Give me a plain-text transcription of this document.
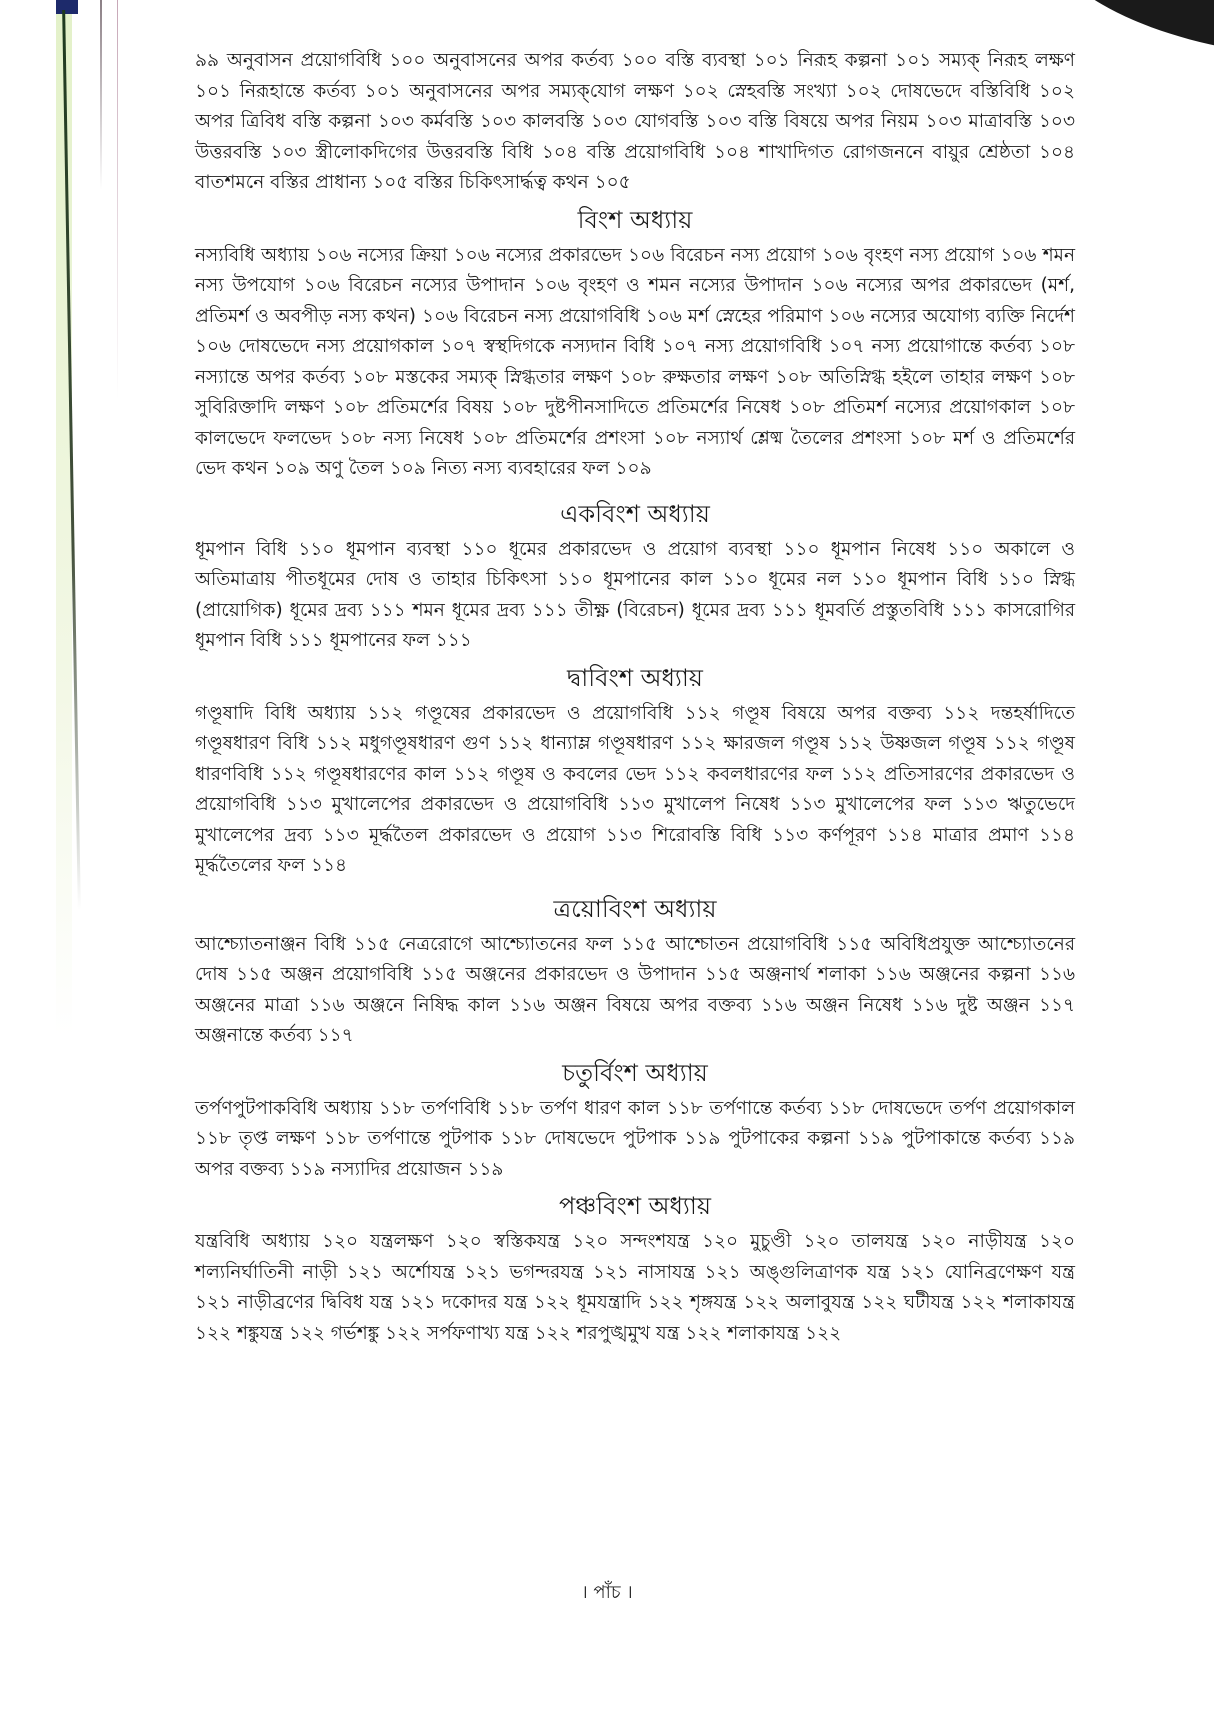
৯৯ অনুবাসন প্রয়োগবিধি ১০০ অনুবাসনের অপর কর্তব্য ১০০ বস্তি ব্যবস্থা ১০১ নিরূহ কল্পনা ১০১ সম্যক্ নিরূহ লক্ষণ ১০১ নিরূহান্তে কর্তব্য ১০১ অনুবাসনের অপর সম্যক্‌যোগ লক্ষণ ১০২ স্নেহবস্তি সংখ্যা ১০২ দোষভেদে বস্তিবিধি ১০২ অপর ত্রিবিধ বস্তি কল্পনা ১০৩ কর্মবস্তি ১০৩ কালবস্তি ১০৩ যোগবস্তি ১০৩ বস্তি বিষয়ে অপর নিয়ম ১০৩ মাত্রাবস্তি ১০৩ উত্তরবস্তি ১০৩ স্ত্রীলোকদিগের উত্তরবস্তি বিধি ১০৪ বস্তি প্রয়োগবিধি ১০৪ শাখাদিগত রোগজননে বায়ুর শ্রেষ্ঠতা ১০৪ বাতশমনে বস্তির প্রাধান্য ১০৫ বস্তির চিকিৎসার্দ্ধত্ব কথন ১০৫

বিংশ অধ্যায়

নস্যবিধি অধ্যায় ১০৬ নস্যের ক্রিয়া ১০৬ নস্যের প্রকারভেদ ১০৬ বিরেচন নস্য প্রয়োগ ১০৬ বৃংহণ নস্য প্রয়োগ ১০৬ শমন নস্য উপযোগ ১০৬ বিরেচন নস্যের উপাদান ১০৬ বৃংহণ ও শমন নস্যের উপাদান ১০৬ নস্যের অপর প্রকারভেদ (মর্শ, প্রতিমর্শ ও অবপীড় নস্য কথন) ১০৬ বিরেচন নস্য প্রয়োগবিধি ১০৬ মর্শ স্নেহের পরিমাণ ১০৬ নস্যের অযোগ্য ব্যক্তি নির্দেশ ১০৬ দোষভেদে নস্য প্রয়োগকাল ১০৭ স্বস্থদিগকে নস্যদান বিধি ১০৭ নস্য প্রয়োগবিধি ১০৭ নস্য প্রয়োগান্তে কর্তব্য ১০৮ নস্যান্তে অপর কর্তব্য ১০৮ মস্তকের সম্যক্ স্নিগ্ধতার লক্ষণ ১০৮ রুক্ষতার লক্ষণ ১০৮ অতিস্নিগ্ধ হইলে তাহার লক্ষণ ১০৮ সুবিরিক্তাদি লক্ষণ ১০৮ প্রতিমর্শের বিষয় ১০৮ দুষ্টপীনসাদিতে প্রতিমর্শের নিষেধ ১০৮ প্রতিমর্শ নস্যের প্রয়োগকাল ১০৮ কালভেদে ফলভেদ ১০৮ নস্য নিষেধ ১০৮ প্রতিমর্শের প্রশংসা ১০৮ নস্যার্থ শ্লেষ্ম তৈলের প্রশংসা ১০৮ মর্শ ও প্রতিমর্শের ভেদ কথন ১০৯ অণু তৈল ১০৯ নিত্য নস্য ব্যবহারের ফল ১০৯

একবিংশ অধ্যায়

ধূমপান বিধি ১১০ ধূমপান ব্যবস্থা ১১০ ধূমের প্রকারভেদ ও প্রয়োগ ব্যবস্থা ১১০ ধূমপান নিষেধ ১১০ অকালে ও অতিমাত্রায় পীতধূমের দোষ ও তাহার চিকিৎসা ১১০ ধূমপানের কাল ১১০ ধূমের নল ১১০ ধূমপান বিধি ১১০ স্নিগ্ধ (প্রায়োগিক) ধূমের দ্রব্য ১১১ শমন ধূমের দ্রব্য ১১১ তীক্ষ্ণ (বিরেচন) ধূমের দ্রব্য ১১১ ধূমবর্তি প্রস্তুতবিধি ১১১ কাসরোগির ধূমপান বিধি ১১১ ধূমপানের ফল ১১১

দ্বাবিংশ অধ্যায়

গণ্ডূষাদি বিধি অধ্যায় ১১২ গণ্ডূষের প্রকারভেদ ও প্রয়োগবিধি ১১২ গণ্ডূষ বিষয়ে অপর বক্তব্য ১১২ দন্তহর্ষাদিতে গণ্ডূষধারণ বিধি ১১২ মধুগণ্ডূষধারণ গুণ ১১২ ধান্যাম্ল গণ্ডূষধারণ ১১২ ক্ষারজল গণ্ডূষ ১১২ উষ্ণজল গণ্ডূষ ১১২ গণ্ডূষ ধারণবিধি ১১২ গণ্ডূষধারণের কাল ১১২ গণ্ডূষ ও কবলের ভেদ ১১২ কবলধারণের ফল ১১২ প্রতিসারণের প্রকারভেদ ও প্রয়োগবিধি ১১৩ মুখালেপের প্রকারভেদ ও প্রয়োগবিধি ১১৩ মুখালেপ নিষেধ ১১৩ মুখালেপের ফল ১১৩ ঋতুভেদে মুখালেপের দ্রব্য ১১৩ মূর্দ্ধতৈল প্রকারভেদ ও প্রয়োগ ১১৩ শিরোবস্তি বিধি ১১৩ কর্ণপূরণ ১১৪ মাত্রার প্রমাণ ১১৪ মূর্দ্ধতৈলের ফল ১১৪

ত্রয়োবিংশ অধ্যায়

আশ্চ্যোতনাঞ্জন বিধি ১১৫ নেত্ররোগে আশ্চ্যোতনের ফল ১১৫ আশ্চোতন প্রয়োগবিধি ১১৫ অবিধিপ্রযুক্ত আশ্চ্যোতনের দোষ ১১৫ অঞ্জন প্রয়োগবিধি ১১৫ অঞ্জনের প্রকারভেদ ও উপাদান ১১৫ অঞ্জনার্থ শলাকা ১১৬ অঞ্জনের কল্পনা ১১৬ অঞ্জনের মাত্রা ১১৬ অঞ্জনে নিষিদ্ধ কাল ১১৬ অঞ্জন বিষয়ে অপর বক্তব্য ১১৬ অঞ্জন নিষেধ ১১৬ দুষ্ট অঞ্জন ১১৭ অঞ্জনান্তে কর্তব্য ১১৭

চতুর্বিংশ অধ্যায়

তর্পণপুটপাকবিধি অধ্যায় ১১৮ তর্পণবিধি ১১৮ তর্পণ ধারণ কাল ১১৮ তর্পণান্তে কর্তব্য ১১৮ দোষভেদে তর্পণ প্রয়োগকাল ১১৮ তৃপ্ত লক্ষণ ১১৮ তর্পণান্তে পুটপাক ১১৮ দোষভেদে পুটপাক ১১৯ পুটপাকের কল্পনা ১১৯ পুটপাকান্তে কর্তব্য ১১৯ অপর বক্তব্য ১১৯ নস্যাদির প্রয়োজন ১১৯

পঞ্চবিংশ অধ্যায়

যন্ত্রবিধি অধ্যায় ১২০ যন্ত্রলক্ষণ ১২০ স্বস্তিকযন্ত্র ১২০ সন্দংশযন্ত্র ১২০ মুচুণ্ডী ১২০ তালযন্ত্র ১২০ নাড়ীযন্ত্র ১২০ শল্যনির্ঘাতিনী নাড়ী ১২১ অর্শোযন্ত্র ১২১ ভগন্দরযন্ত্র ১২১ নাসাযন্ত্র ১২১ অঙ্গুলিত্রাণক যন্ত্র ১২১ যোনিব্রণেক্ষণ যন্ত্র ১২১ নাড়ীব্রণের দ্বিবিধ যন্ত্র ১২১ দকোদর যন্ত্র ১২২ ধূমযন্ত্রাদি ১২২ শৃঙ্গযন্ত্র ১২২ অলাবুযন্ত্র ১২২ ঘটীযন্ত্র ১২২ শলাকাযন্ত্র ১২২ শঙ্কুযন্ত্র ১২২ গর্ভশঙ্কু ১২২ সর্পফণাখ্য যন্ত্র ১২২ শরপুঙ্খমুখ যন্ত্র ১২২ শলাকাযন্ত্র ১২২

। পাঁচ ।
